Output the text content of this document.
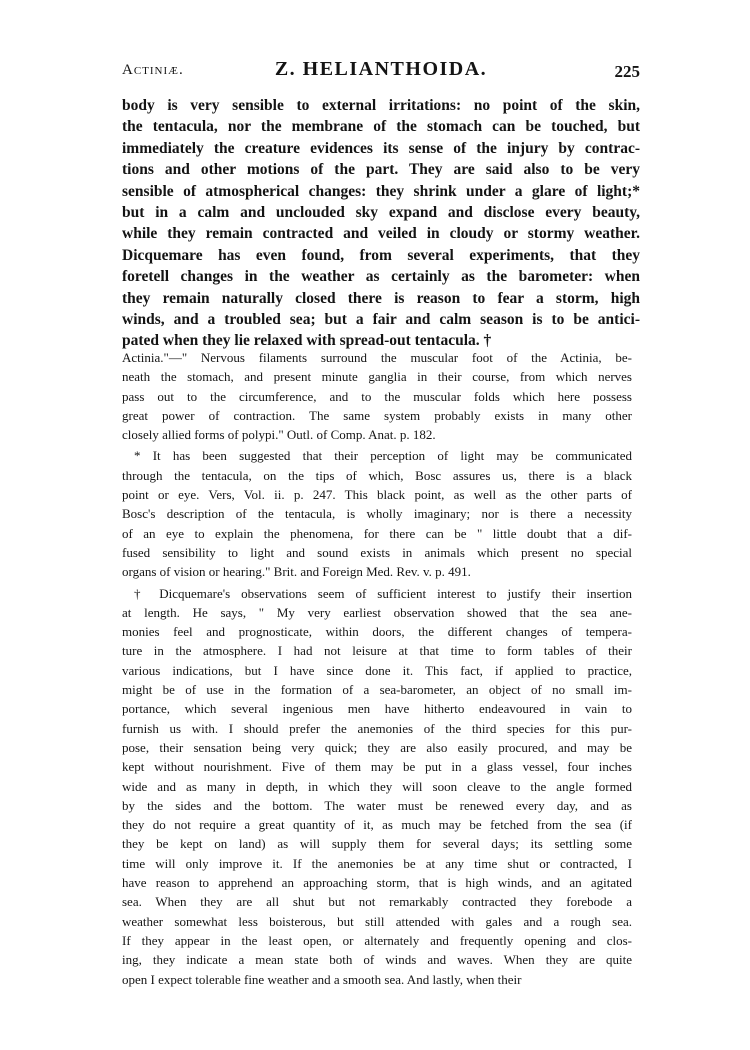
Actiniæ.	Z. HELIANTHOIDA.	225
body is very sensible to external irritations: no point of the skin,
the tentacula, nor the membrane of the stomach can be touched, but
immediately the creature evidences its sense of the injury by contrac-
tions and other motions of the part. They are said also to be very
sensible of atmospherical changes: they shrink under a glare of light;*
but in a calm and unclouded sky expand and disclose every beauty,
while they remain contracted and veiled in cloudy or stormy weather.
Dicquemare has even found, from several experiments, that they
foretell changes in the weather as certainly as the barometer: when
they remain naturally closed there is reason to fear a storm, high
winds, and a troubled sea; but a fair and calm season is to be antici-
pated when they lie relaxed with spread-out tentacula. †
Actinia."—" Nervous filaments surround the muscular foot of the Actinia, be-
neath the stomach, and present minute ganglia in their course, from which nerves
pass out to the circumference, and to the muscular folds which here possess
great power of contraction. The same system probably exists in many other
closely allied forms of polypi." Outl. of Comp. Anat. p. 182.
* It has been suggested that their perception of light may be communicated
through the tentacula, on the tips of which, Bosc assures us, there is a black
point or eye. Vers, Vol. ii. p. 247. This black point, as well as the other parts of
Bosc's description of the tentacula, is wholly imaginary; nor is there a necessity
of an eye to explain the phenomena, for there can be " little doubt that a dif-
fused sensibility to light and sound exists in animals which present no special
organs of vision or hearing." Brit. and Foreign Med. Rev. v. p. 491.
† Dicquemare's observations seem of sufficient interest to justify their insertion
at length. He says, " My very earliest observation showed that the sea ane-
monies feel and prognosticate, within doors, the different changes of tempera-
ture in the atmosphere. I had not leisure at that time to form tables of their
various indications, but I have since done it. This fact, if applied to practice,
might be of use in the formation of a sea-barometer, an object of no small im-
portance, which several ingenious men have hitherto endeavoured in vain to
furnish us with. I should prefer the anemonies of the third species for this pur-
pose, their sensation being very quick; they are also easily procured, and may be
kept without nourishment. Five of them may be put in a glass vessel, four inches
wide and as many in depth, in which they will soon cleave to the angle formed
by the sides and the bottom. The water must be renewed every day, and as
they do not require a great quantity of it, as much may be fetched from the sea (if
they be kept on land) as will supply them for several days; its settling some
time will only improve it. If the anemonies be at any time shut or contracted, I
have reason to apprehend an approaching storm, that is high winds, and an agitated
sea. When they are all shut but not remarkably contracted they forebode a
weather somewhat less boisterous, but still attended with gales and a rough sea.
If they appear in the least open, or alternately and frequently opening and clos-
ing, they indicate a mean state both of winds and waves. When they are quite
open I expect tolerable fine weather and a smooth sea. And lastly, when their
